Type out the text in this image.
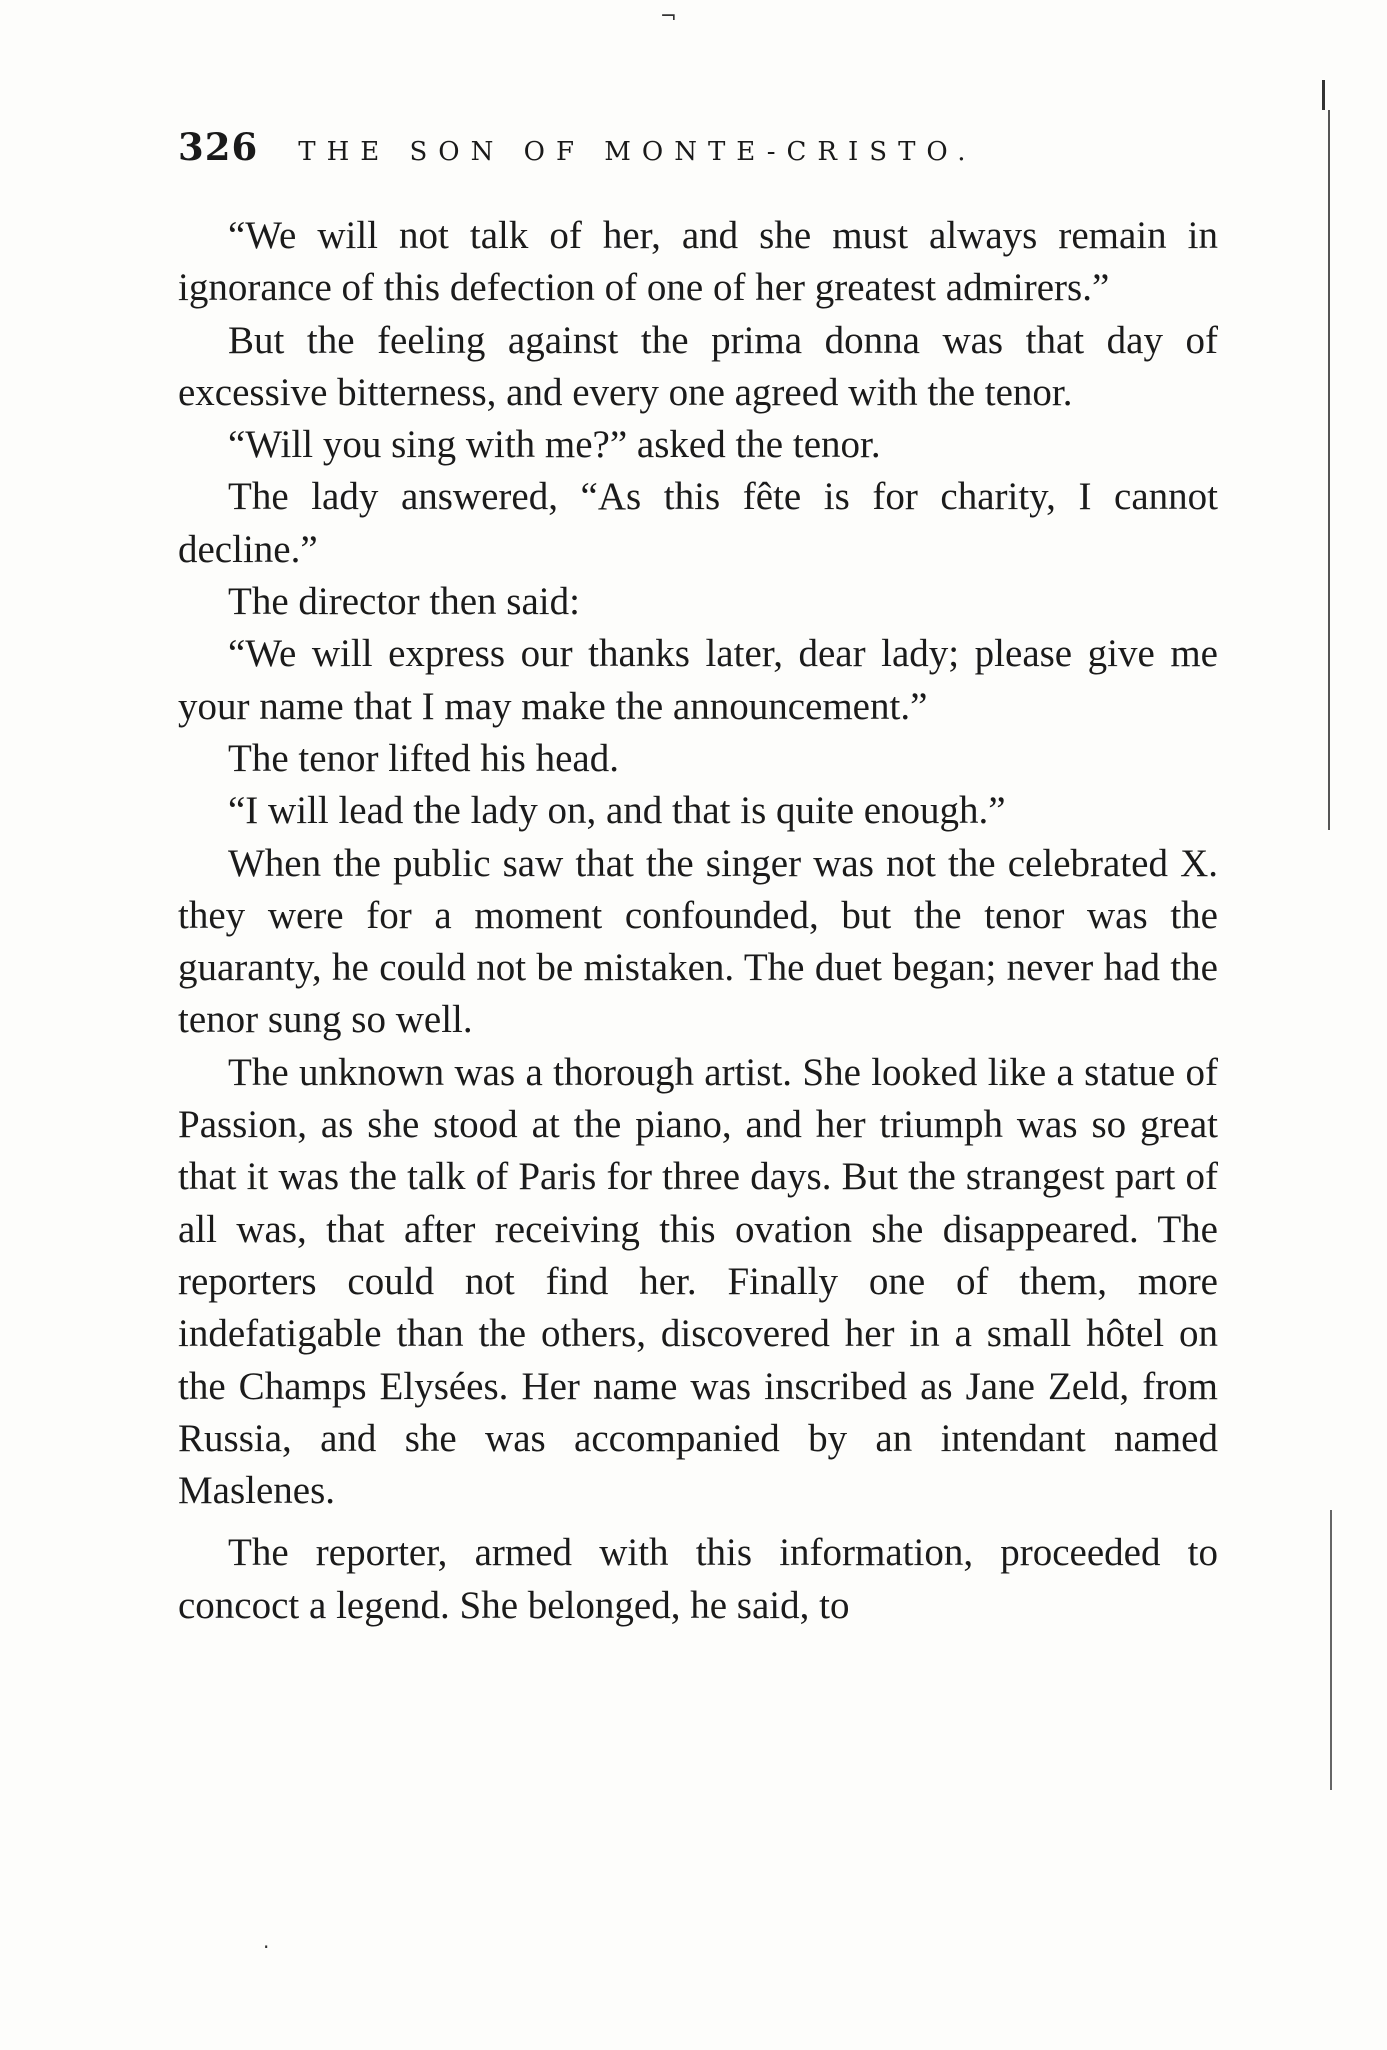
326 THE SON OF MONTE-CRISTO.

“We will not talk of her, and she must always remain in ignorance of this defection of one of her greatest admirers.”

But the feeling against the prima donna was that day of excessive bitterness, and every one agreed with the tenor.

“Will you sing with me?” asked the tenor.

The lady answered, “As this fête is for charity, I cannot decline.”

The director then said:

“We will express our thanks later, dear lady; please give me your name that I may make the announcement.”

The tenor lifted his head.

“I will lead the lady on, and that is quite enough.”

When the public saw that the singer was not the celebrated X. they were for a moment confounded, but the tenor was the guaranty, he could not be mistaken. The duet began; never had the tenor sung so well.

The unknown was a thorough artist. She looked like a statue of Passion, as she stood at the piano, and her triumph was so great that it was the talk of Paris for three days. But the strangest part of all was, that after receiving this ovation she disappeared. The reporters could not find her. Finally one of them, more indefatigable than the others, discovered her in a small hôtel on the Champs Elysées. Her name was inscribed as Jane Zeld, from Russia, and she was accompanied by an intendant named Maslenes.

The reporter, armed with this information, proceeded to concoct a legend. She belonged, he said, to

¬
·
